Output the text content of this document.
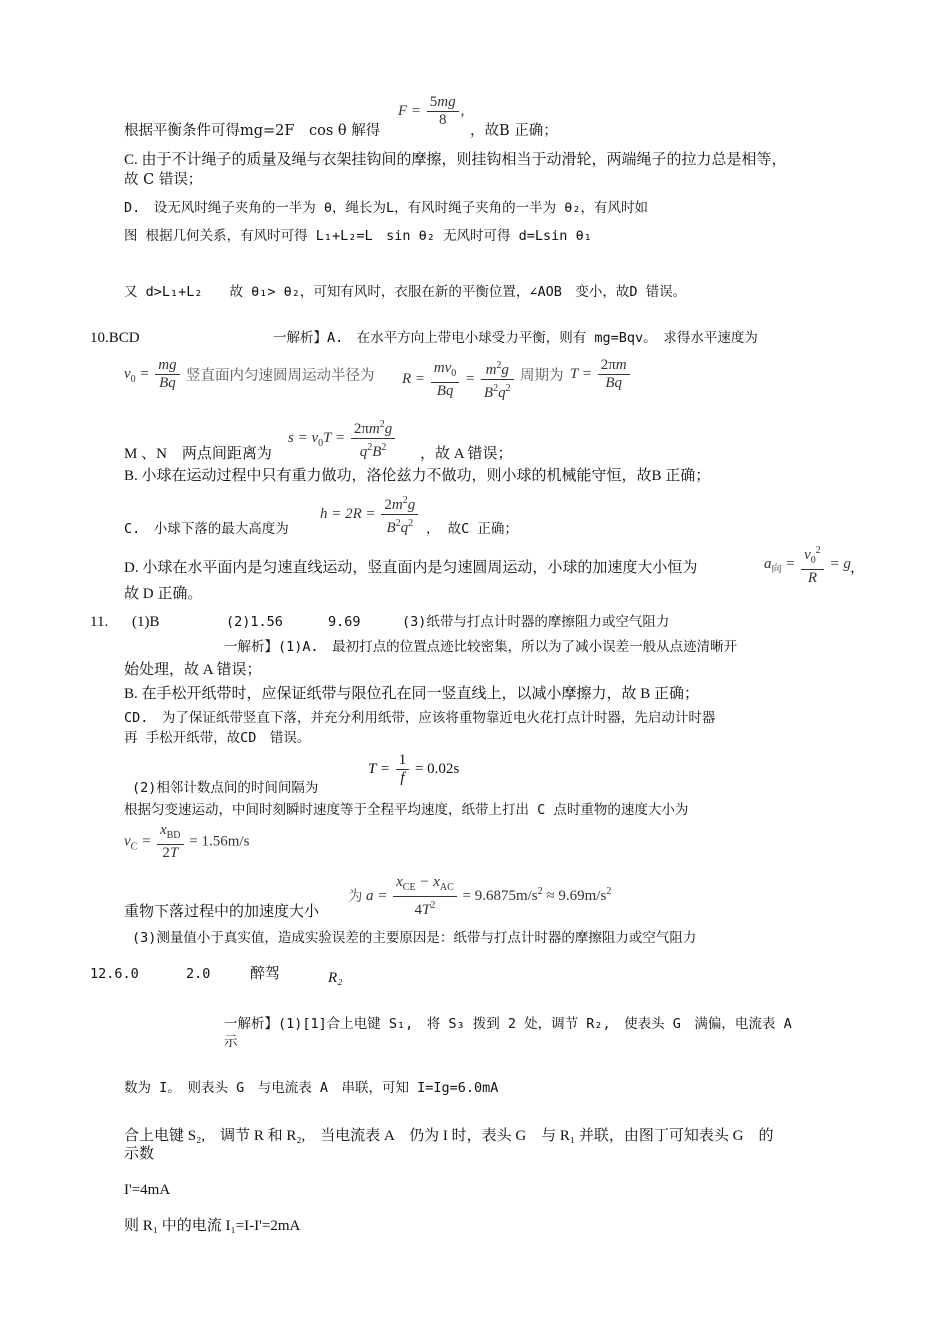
$F = \frac{5mg}{8}$ ,
根据平衡条件可得mg=2F　cos θ 解得	，故B 正确；
C. 由于不计绳子的质量及绳与衣架挂钩间的摩擦，则挂钩相当于动滑轮，两端绳子的拉力总是相等，
故 C 错误；
D.　设无风时绳子夹角的一半为 θ，绳长为L，有风时绳子夹角的一半为 θ₂，有风时如
图 根据几何关系，有风时可得 L₁+L₂=L　sin θ₂ 无风时可得 d=Lsin θ₁
又 d>L₁+L₂　　故 θ₁> θ₂，可知有风时，衣服在新的平衡位置，∠AOB　变小，故D 错误。
10.BCD	一解析】A.　在水平方向上带电小球受力平衡，则有 mg=Bqv。　求得水平速度为
$v_0 = \frac{mg}{Bq}$ 竖直面内匀速圆周运动半径为 $R = \frac{mv_0}{Bq} = \frac{m^2g}{B^2q^2}$ 周期为 $T = \frac{2\pi m}{Bq}$
$s = v_0T = \frac{2\pi m^2g}{q^2B^2}$
M 、N　两点间距离为	，故 A 错误；
B. 小球在运动过程中只有重力做功，洛伦兹力不做功，则小球的机械能守恒，故B 正确；
$h = 2R = \frac{2m^2g}{B^2q^2}$
C.　小球下落的最大高度为	， 故C 正确；
D. 小球在水平面内是匀速直线运动，竖直面内是匀速圆周运动，小球的加速度大小恒为	$a_向 = \frac{v_0^2}{R} = g$ ，
故 D 正确。
11. (1)B	(2)1.56	9.69	(3)纸带与打点计时器的摩擦阻力或空气阻力
一解析】(1)A.　最初打点的位置点迹比较密集，所以为了减小误差一般从点迹清晰开
始处理，故 A 错误；
B. 在手松开纸带时，应保证纸带与限位孔在同一竖直线上，以减小摩擦力，故 B 正确；
CD.　为了保证纸带竖直下落，并充分利用纸带，应该将重物靠近电火花打点计时器，先启动计时器
再 手松开纸带，故CD　错误。
$T = \frac{1}{f} = 0.02s$
(2)相邻计数点间的时间间隔为
根据匀变速运动，中间时刻瞬时速度等于全程平均速度，纸带上打出 C 点时重物的速度大小为
$v_C = \frac{x_{BD}}{2T} = 1.56m/s$
为 $a = \frac{x_{CE} - x_{AC}}{4T^2} = 9.6875m/s^2 \approx 9.69m/s^2$
重物下落过程中的加速度大小
(3)测量值小于真实值，造成实验误差的主要原因是：纸带与打点计时器的摩擦阻力或空气阻力
12.6.0	2.0	醉驾	R₂
一解析】(1)[1]合上电键 S₁,　将 S₃ 拨到 2 处，调节 R₂,　使表头 G　满偏，电流表 A
示
数为 I。　则表头 G　与电流表 A　串联，可知 I=Ig=6.0mA
合上电键 S₂,　调节 R 和 R₂,　当电流表 A　仍为 I 时，表头 G　与 R₁ 并联，由图丁可知表头 G　的
示数
I'=4mA
则 R₁ 中的电流 I₁=I-I'=2mA
